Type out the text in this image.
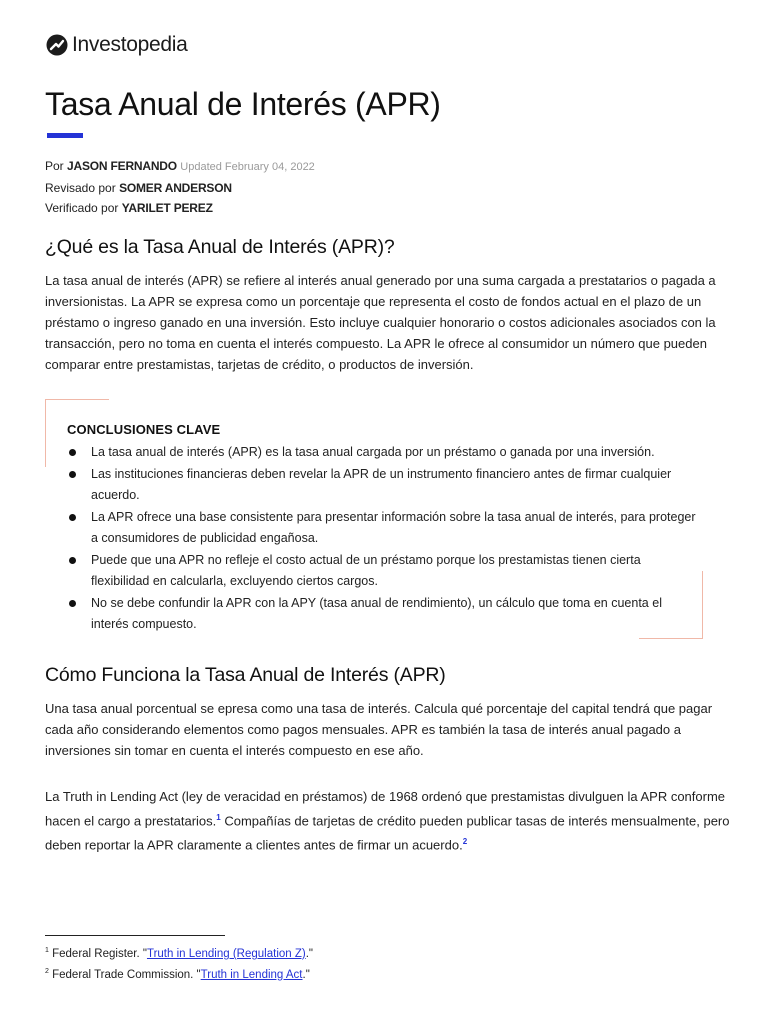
Investopedia
Tasa Anual de Interés (APR)
Por JASON FERNANDO Updated February 04, 2022
Revisado por SOMER ANDERSON
Verificado por YARILET PEREZ
¿Qué es la Tasa Anual de Interés (APR)?

La tasa anual de interés (APR) se refiere al interés anual generado por una suma cargada a prestatarios o pagada a inversionistas. La APR se expresa como un porcentaje que representa el costo de fondos actual en el plazo de un préstamo o ingreso ganado en una inversión. Esto incluye cualquier honorario o costos adicionales asociados con la transacción, pero no toma en cuenta el interés compuesto. La APR le ofrece al consumidor un número que pueden comparar entre prestamistas, tarjetas de crédito, o productos de inversión.

CONCLUSIONES CLAVE
La tasa anual de interés (APR) es la tasa anual cargada por un préstamo o ganada por una inversión.
Las instituciones financieras deben revelar la APR de un instrumento financiero antes de firmar cualquier acuerdo.
La APR ofrece una base consistente para presentar información sobre la tasa anual de interés, para proteger a consumidores de publicidad engañosa.
Puede que una APR no refleje el costo actual de un préstamo porque los prestamistas tienen cierta flexibilidad en calcularla, excluyendo ciertos cargos.
No se debe confundir la APR con la APY (tasa anual de rendimiento), un cálculo que toma en cuenta el interés compuesto.
Cómo Funciona la Tasa Anual de Interés (APR)

Una tasa anual porcentual se epresa como una tasa de interés. Calcula qué porcentaje del capital tendrá que pagar cada año considerando elementos como pagos mensuales. APR es también la tasa de interés anual pagado a inversiones sin tomar en cuenta el interés compuesto en ese año.

La Truth in Lending Act (ley de veracidad en préstamos) de 1968 ordenó que prestamistas divulguen la APR conforme hacen el cargo a prestatarios.$^1$ Compañías de tarjetas de crédito pueden publicar tasas de interés mensualmente, pero deben reportar la APR claramente a clientes antes de firmar un acuerdo.$^2$

$^1$ Federal Register. "Truth in Lending (Regulation Z)."
$^2$ Federal Trade Commission. "Truth in Lending Act."
